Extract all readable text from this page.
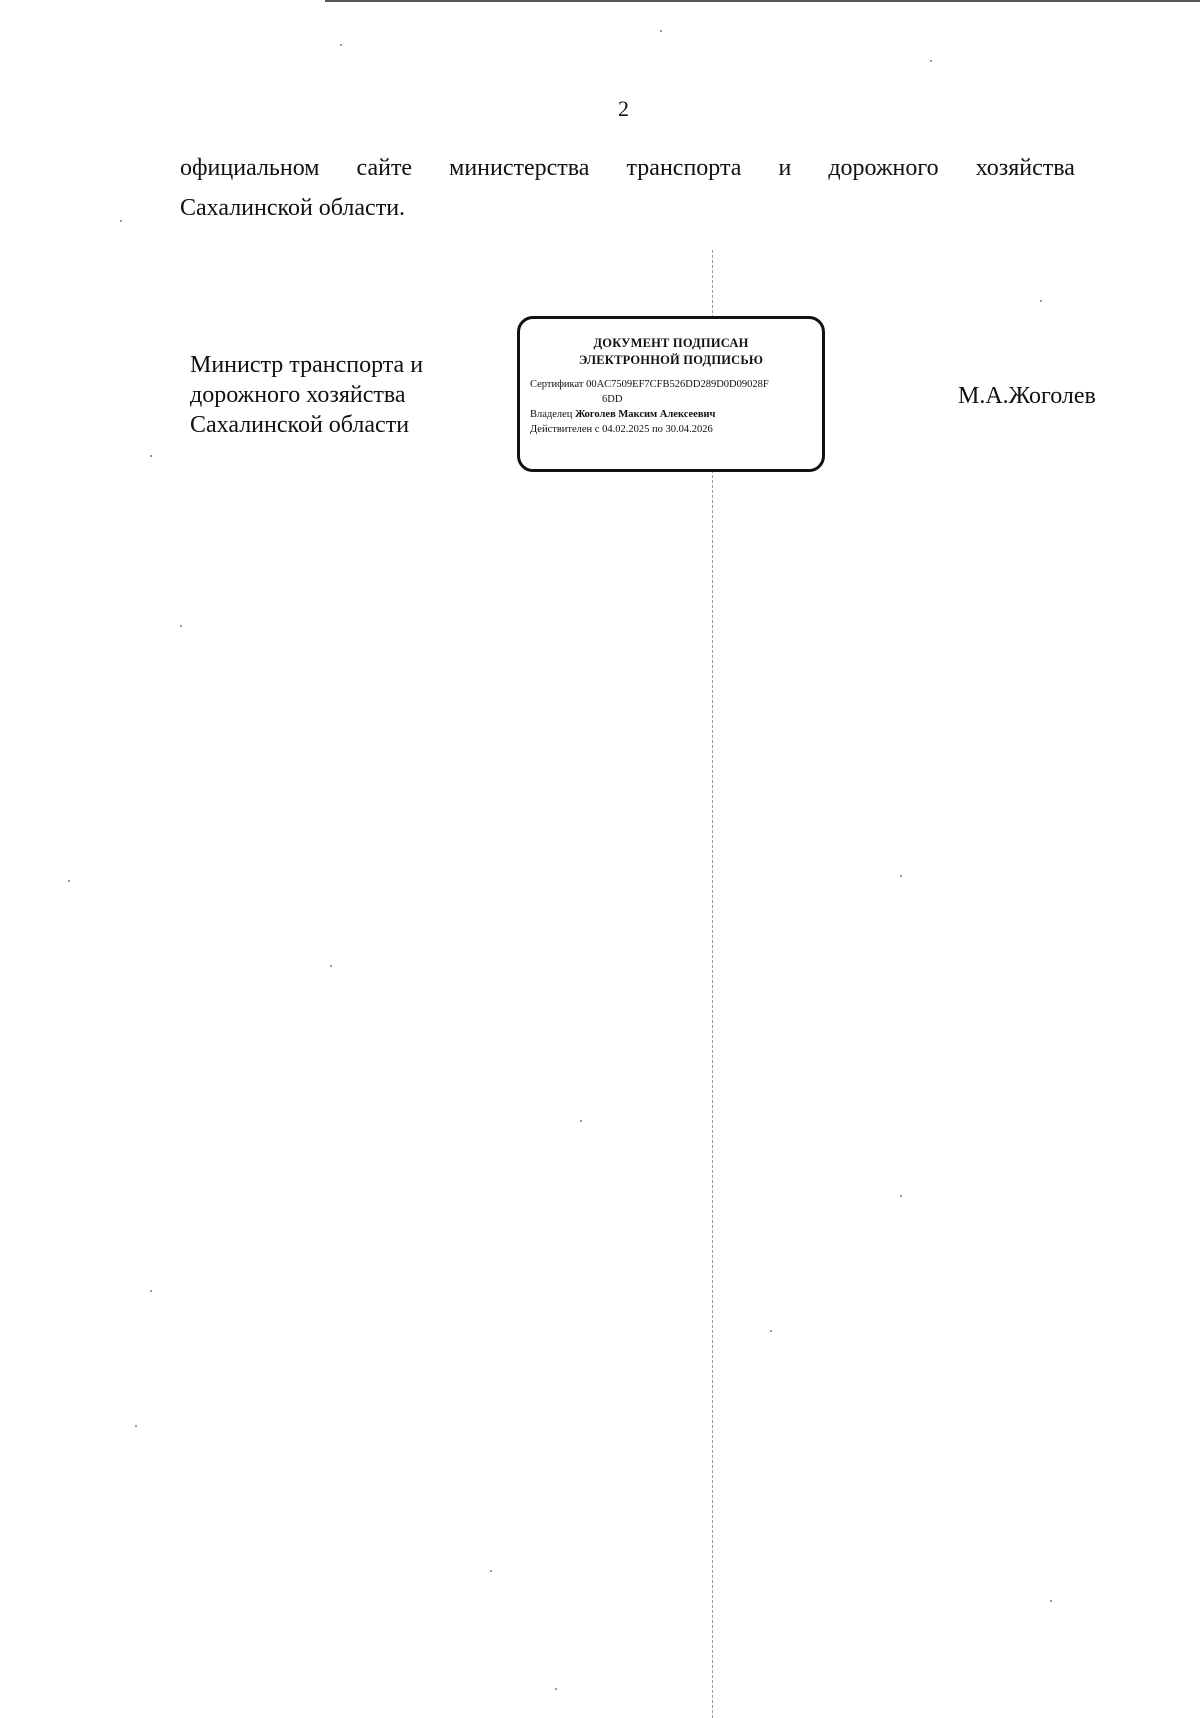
2
официальном сайте министерства транспорта и дорожного хозяйства
Сахалинской области.
Министр транспорта и
дорожного хозяйства
Сахалинской области
ДОКУМЕНТ ПОДПИСАН
ЭЛЕКТРОННОЙ ПОДПИСЬЮ
Сертификат 00AC7509EF7CFB526DD289D0D09028F
6DD
Владелец Жоголев Максим Алексеевич
Действителен с 04.02.2025 по 30.04.2026
М.А.Жоголев
